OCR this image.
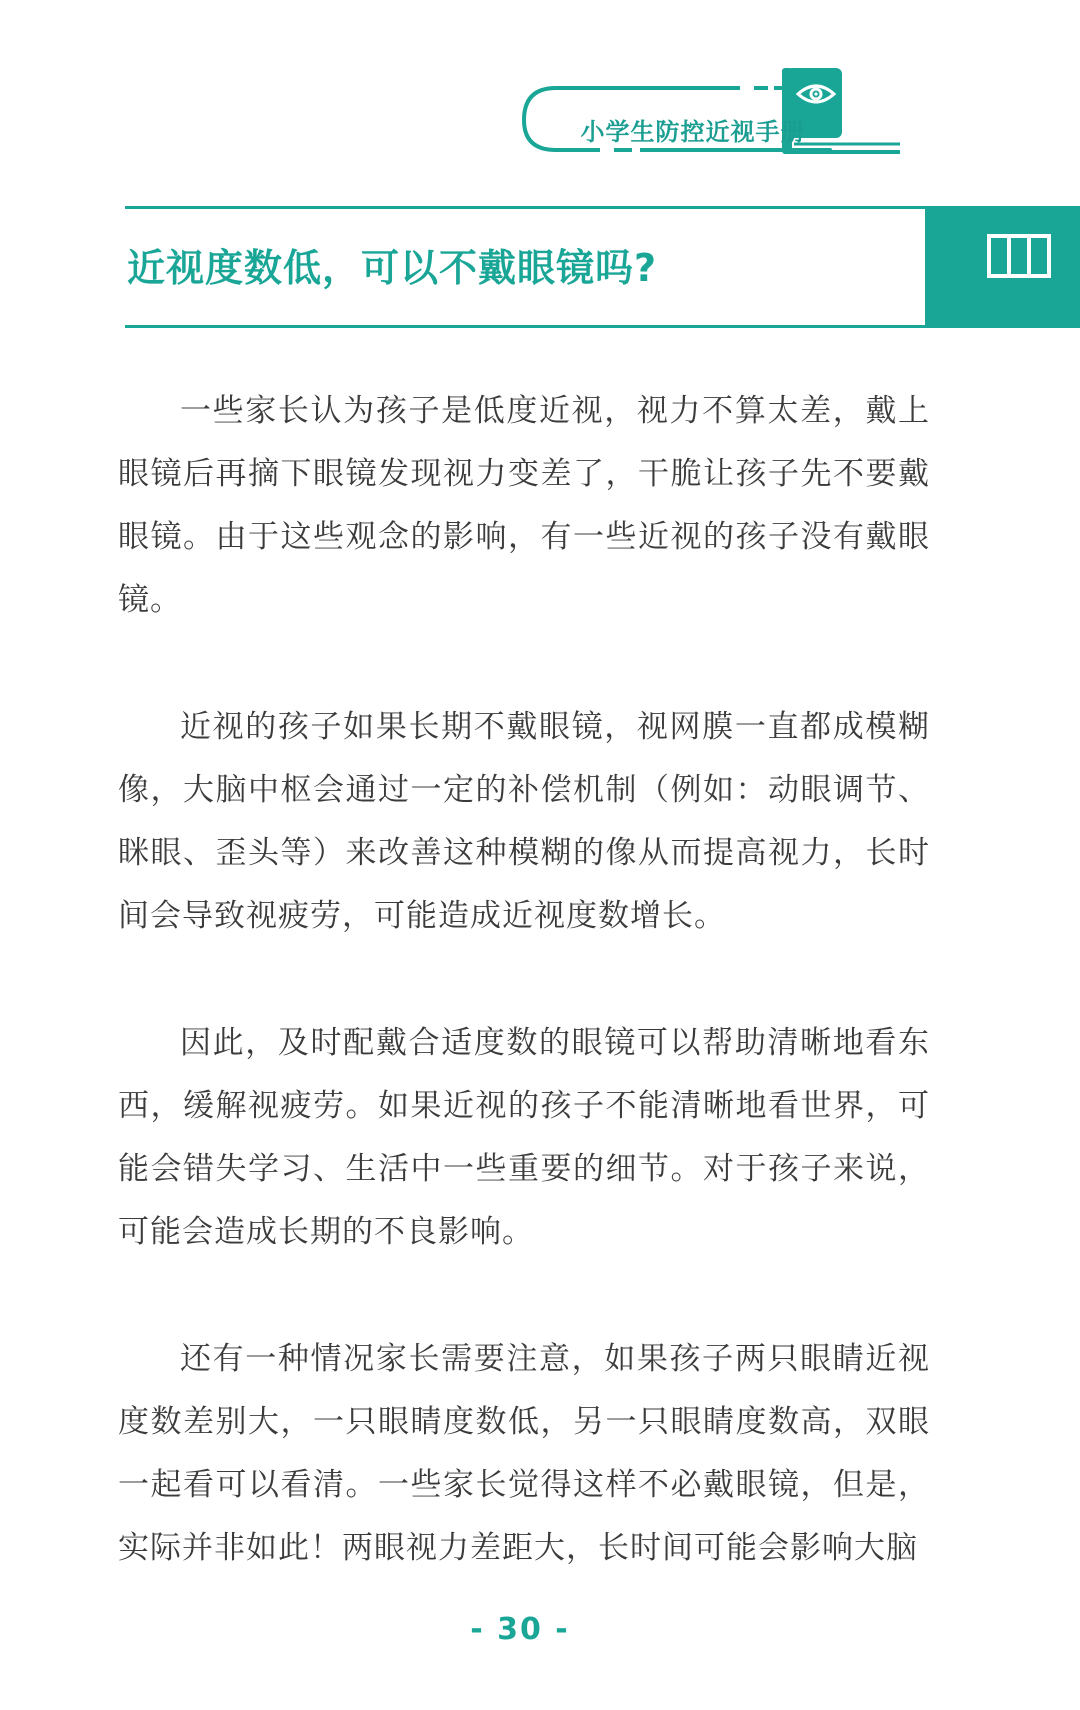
小学生防控近视手册
近视度数低，可以不戴眼镜吗?

一些家长认为孩子是低度近视，视力不算太差，戴上眼镜后再摘下眼镜发现视力变差了，干脆让孩子先不要戴眼镜。由于这些观念的影响，有一些近视的孩子没有戴眼镜。

近视的孩子如果长期不戴眼镜，视网膜一直都成模糊像，大脑中枢会通过一定的补偿机制（例如：动眼调节、眯眼、歪头等）来改善这种模糊的像从而提高视力，长时间会导致视疲劳，可能造成近视度数增长。

因此，及时配戴合适度数的眼镜可以帮助清晰地看东西，缓解视疲劳。如果近视的孩子不能清晰地看世界，可能会错失学习、生活中一些重要的细节。对于孩子来说，可能会造成长期的不良影响。

还有一种情况家长需要注意，如果孩子两只眼睛近视度数差别大，一只眼睛度数低，另一只眼睛度数高，双眼一起看可以看清。一些家长觉得这样不必戴眼镜，但是，实际并非如此！两眼视力差距大，长时间可能会影响大脑

- 30 -
